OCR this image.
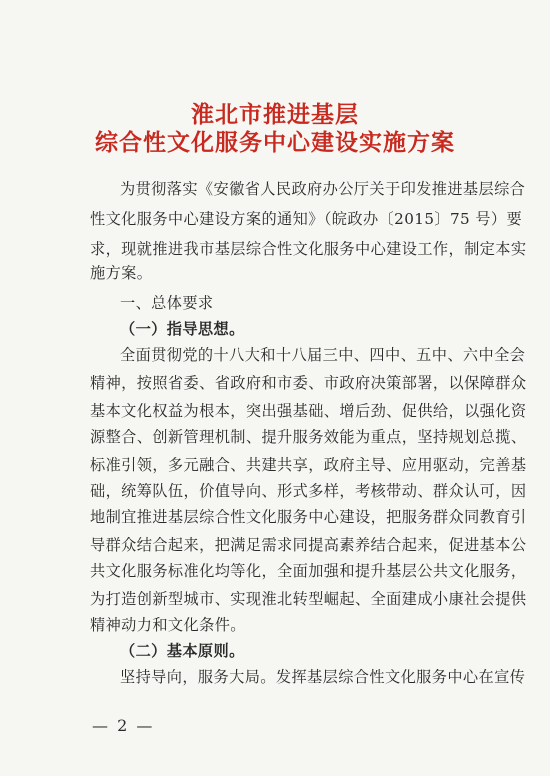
淮北市推进基层
综合性文化服务中心建设实施方案
为贯彻落实《安徽省人民政府办公厅关于印发推进基层综合
性文化服务中心建设方案的通知》（皖政办〔2015〕75 号）要
求，现就推进我市基层综合性文化服务中心建设工作，制定本实
施方案。
一、总体要求
（一）指导思想。
全面贯彻党的十八大和十八届三中、四中、五中、六中全会
精神，按照省委、省政府和市委、市政府决策部署，以保障群众
基本文化权益为根本，突出强基础、增后劲、促供给，以强化资
源整合、创新管理机制、提升服务效能为重点，坚持规划总揽、
标准引领，多元融合、共建共享，政府主导、应用驱动，完善基
础，统筹队伍，价值导向、形式多样，考核带动、群众认可，因
地制宜推进基层综合性文化服务中心建设，把服务群众同教育引
导群众结合起来，把满足需求同提高素养结合起来，促进基本公
共文化服务标准化均等化，全面加强和提升基层公共文化服务，
为打造创新型城市、实现淮北转型崛起、全面建成小康社会提供
精神动力和文化条件。
（二）基本原则。
坚持导向，服务大局。发挥基层综合性文化服务中心在宣传
— 2 —
